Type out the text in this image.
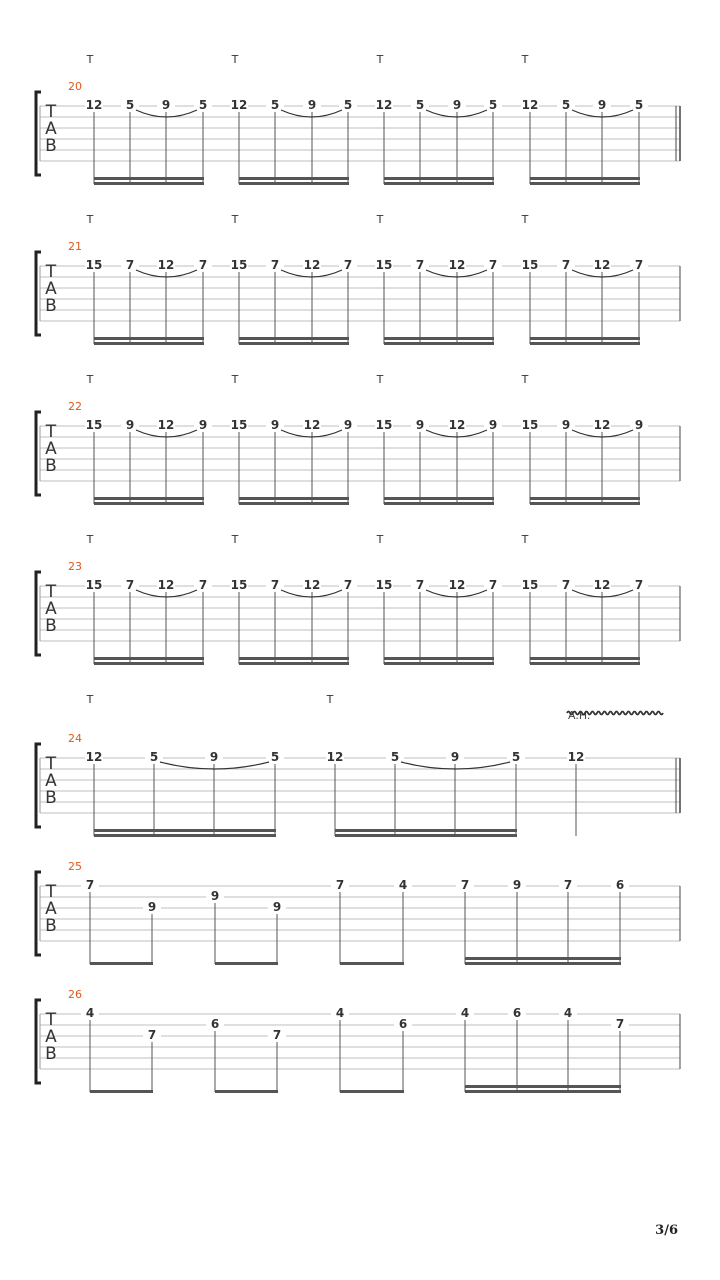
T
A
B
20
T	T	T	T
12 5 9 5 12 5 9 5 12 5 9 5 12 5 9 5
T
A
B
21
T	T	T	T
15 7 12 7 15 7 12 7 15 7 12 7 15 7 12 7
T
A
B
22
T	T	T	T
15 9 12 9 15 9 12 9 15 9 12 9 15 9 12 9
T
A
B
23
T	T	T	T
15 7 12 7 15 7 12 7 15 7 12 7 15 7 12 7
T
A
B
24
T	T
A.H.
12	5	9	5	12	5	9	5	12
T
A
B
25
7
9
9
9
7	4	7	9	7	6
T
A
B
26
4
7
6
7
4
6
4	6	4
7
3/6
